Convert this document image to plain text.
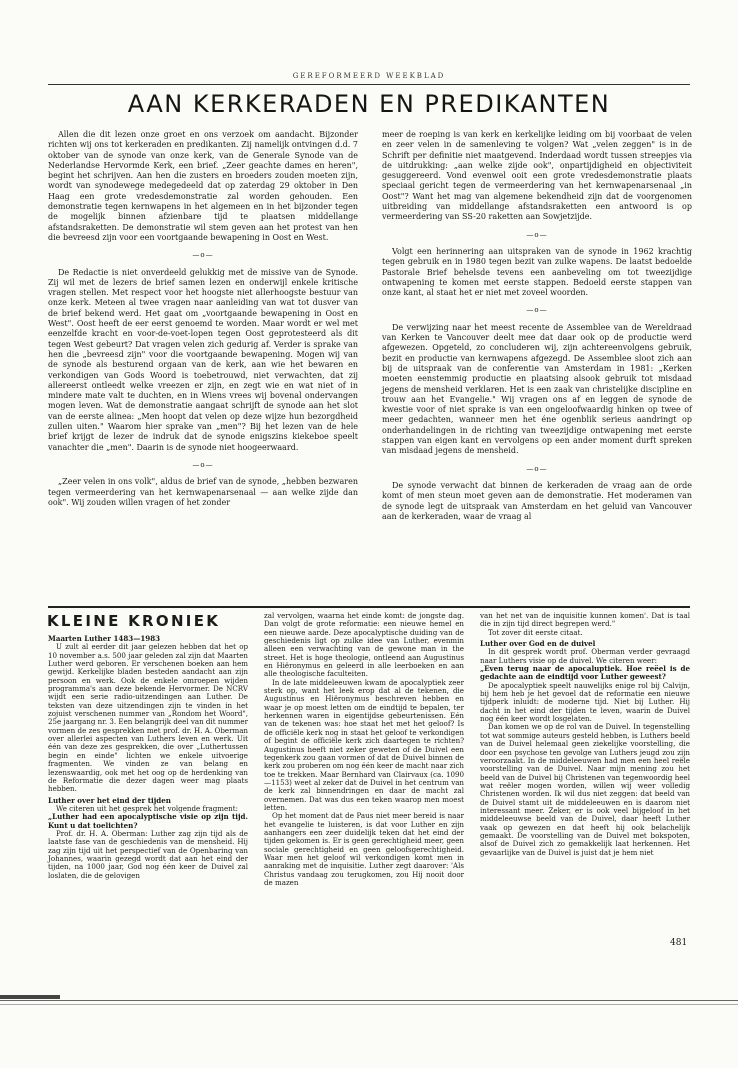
GEREFORMEERD WEEKBLAD
AAN KERKERADEN EN PREDIKANTEN

Allen die dit lezen onze groet en ons verzoek om aandacht. Bijzonder richten wij ons tot kerkeraden en predikanten. Zij namelijk ontvingen d.d. 7 oktober van de synode van onze kerk, van de Generale Synode van de Nederlandse Hervormde Kerk, een brief. „Zeer geachte dames en heren", begint het schrijven. Aan hen die zusters en broeders zouden moeten zijn, wordt van synodewege medegedeeld dat op zaterdag 29 oktober in Den Haag een grote vredesdemonstratie zal worden gehouden. Een demonstratie tegen kernwapens in het algemeen en in het bijzonder tegen de mogelijk binnen afzienbare tijd te plaatsen middellange afstandsraketten. De demonstratie wil stem geven aan het protest van hen die bevreesd zijn voor een voortgaande bewapening in Oost en West.

—o—

De Redactie is niet onverdeeld gelukkig met de missive van de Synode. Zij wil met de lezers de brief samen lezen en onderwijl enkele kritische vragen stellen. Met respect voor het hoogste niet allerhoogste bestuur van onze kerk. Meteen al twee vragen naar aanleiding van wat tot dusver van de brief bekend werd. Het gaat om „voortgaande bewapening in Oost en West". Oost heeft de eer eerst genoemd te worden. Maar wordt er wel met eenzelfde kracht en voor-de-voet-lopen tegen Oost geprotesteerd als dit tegen West gebeurt? Dat vragen velen zich gedurig af. Verder is sprake van hen die „bevreesd zijn" voor die voortgaande bewapening. Mogen wij van de synode als besturend orgaan van de kerk, aan wie het bewaren en verkondigen van Gods Woord is toebetrouwd, niet verwachten, dat zij allereerst ontleedt welke vreezen er zijn, en zegt wie en wat niet of in mindere mate valt te duchten, en in Wiens vrees wij bovenal ondervangen mogen leven. Wat de demonstratie aangaat schrijft de synode aan het slot van de eerste alinea: „Men hoopt dat velen op deze wijze hun bezorgdheid zullen uiten." Waarom hier sprake van „men"? Bij het lezen van de hele brief krijgt de lezer de indruk dat de synode enigszins kiekeboe speelt vanachter die „men". Daarin is de synode niet hoogeerwaard.

—o—

„Zeer velen in ons volk", aldus de brief van de synode, „hebben bezwaren tegen vermeerdering van het kernwapenarsenaal — aan welke zijde dan ook". Wij zouden willen vragen of het zonder

meer de roeping is van kerk en kerkelijke leiding om bij voorbaat de velen en zeer velen in de samenleving te volgen? Wat „velen zeggen" is in de Schrift per definitie niet maatgevend. Inderdaad wordt tussen streepjes via de uitdrukking: „aan welke zijde ook", onpartijdigheid en objectiviteit gesuggereerd. Vond evenwel ooit een grote vredesdemonstratie plaats speciaal gericht tegen de vermeerdering van het kernwapenarsenaal „in Oost"? Want het mag van algemene bekendheid zijn dat de voorgenomen uitbreiding van middellange afstandsraketten een antwoord is op vermeerdering van SS-20 raketten aan Sowjetzijde.

—o—

Volgt een herinnering aan uitspraken van de synode in 1962 krachtig tegen gebruik en in 1980 tegen bezit van zulke wapens. De laatst bedoelde Pastorale Brief behelsde tevens een aanbeveling om tot tweezijdige ontwapening te komen met eerste stappen. Bedoeld eerste stappen van onze kant, al staat het er niet met zoveel woorden.

—o—

De verwijzing naar het meest recente de Assemblee van de Wereldraad van Kerken te Vancouver deelt mee dat daar ook op de productie werd afgewezen. Opgeteld, zo concluderen wij, zijn achtereenvolgens gebruik, bezit en productie van kernwapens afgezegd. De Assemblee sloot zich aan bij de uitspraak van de conferentie van Amsterdam in 1981: „Kerken moeten eenstemmig productie en plaatsing alsook gebruik tot misdaad jegens de mensheid verklaren. Het is een zaak van christelijke discipline en trouw aan het Evangelie." Wij vragen ons af en leggen de synode de kwestie voor of niet sprake is van een ongeloofwaardig hinken op twee of meer gedachten, wanneer men het éne ogenblik serieus aandringt op onderhandelingen in de richting van tweezijdige ontwapening met eerste stappen van eigen kant en vervolgens op een ander moment durft spreken van misdaad jegens de mensheid.

—o—

De synode verwacht dat binnen de kerkeraden de vraag aan de orde komt of men steun moet geven aan de demonstratie. Het moderamen van de synode legt de uitspraak van Amsterdam en het geluid van Vancouver aan de kerkeraden, waar de vraag al

KLEINE KRONIEK

Maarten Luther 1483—1983

U zult al eerder dit jaar gelezen hebben dat het op 10 november a.s. 500 jaar geleden zal zijn dat Maarten Luther werd geboren. Er verschenen boeken aan hem gewijd. Kerkelijke bladen besteden aandacht aan zijn persoon en werk. Ook de enkele omroepen wijden programma's aan deze bekende Hervormer. De NCRV wijdt een serie radio-uitzendingen aan Luther. De teksten van deze uitzendingen zijn te vinden in het zojuist verschenen nummer van „Rondom het Woord", 25e jaargang nr. 3. Een belangrijk deel van dit nummer vormen de zes gesprekken met prof. dr. H. A. Oberman over allerlei aspecten van Luthers leven en werk. Uit één van deze zes gesprekken, die over „Luthertussen begin en einde" lichten we enkele uitvoerige fragmenten. We vinden ze van belang en lezenswaardig, ook met het oog op de herdenking van de Reformatie die dezer dagen weer mag plaats hebben.

Luther over het eind der tijden

We citeren uit het gesprek het volgende fragment:

„Luther had een apocalyptische visie op zijn tijd. Kunt u dat toelichten?

Prof. dr. H. A. Oberman: Luther zag zijn tijd als de laatste fase van de geschiedenis van de mensheid. Hij zag zijn tijd uit het perspectief van de Openbaring van Johannes, waarin gezegd wordt dat aan het eind der tijden, na 1000 jaar, God nog één keer de Duivel zal loslaten, die de gelovigen

zal vervolgen, waarna het einde komt: de jongste dag. Dan volgt de grote reformatie: een nieuwe hemel en een nieuwe aarde. Deze apocalyptische duiding van de geschiedenis ligt op zulke idee van Luther, evenmin alleen een verwachting van de gewone man in the street. Het is hoge theologie, ontleend aan Augustinus en Hiëronymus en geleerd in alle leerboeken en aan alle theologische faculteiten.

In de late middeleeuwen kwam de apocalyptiek zeer sterk op, want het leek erop dat al de tekenen, die Augustinus en Hiëronymus beschreven hebben en waar je op moest letten om de eindtijd te bepalen, ter herkennen waren in eigentijdse gebeurtenissen. Eén van de tekenen was: hoe staat het met het geloof? Is de officiële kerk nog in staat het geloof te verkondigen of begint de officiële kerk zich daartegen te richten? Augustinus heeft niet zeker geweten of de Duivel een tegenkerk zou gaan vormen of dat de Duivel binnen de kerk zou proberen om nog één keer de macht naar zich toe te trekken. Maar Bernhard van Clairvaux (ca. 1090—1153) weet al zeker dat de Duivel in het centrum van de kerk zal binnendringen en daar de macht zal overnemen. Dat was dus een teken waarop men moest letten.

Op het moment dat de Paus niet meer bereid is naar het evangelie te luisteren, is dat voor Luther en zijn aanhangers een zeer duidelijk teken dat het eind der tijden gekomen is. Er is geen gerechtigheid meer, geen sociale gerechtigheid en geen geloofsgerechtigheid. Waar men het geloof wil verkondigen komt men in aanraking met de inquisitie. Luther zegt daarover: 'Als Christus vandaag zou terugkomen, zou Hij nooit door de mazen

van het net van de inquisitie kunnen komen'. Dat is taal die in zijn tijd direct begrepen werd."

Tot zover dit eerste citaat.

Luther over God en de duivel

In dit gesprek wordt prof. Oberman verder gevraagd naar Luthers visie op de duivel. We citeren weer:

„Even terug naar de apocaluptiek. Hoe reëel is de gedachte aan de eindtijd voor Luther geweest?

De apocalyptiek speelt nauwelijks enige rol bij Calvijn, bij hem heb je het gevoel dat de reformatie een nieuwe tijdperk inluidt: de moderne tijd. Niet bij Luther. Hij dacht in het eind der tijden te leven, waarin de Duivel nog één keer wordt losgelaten.

Dan komen we op de rol van de Duivel. In tegenstelling tot wat sommige auteurs gesteld hebben, is Luthers beeld van de Duivel helemaal geen ziekelijke voorstelling, die door een psychose ten gevolge van Luthers jeugd zou zijn veroorzaakt. In de middeleeuwen had men een heel reële voorstelling van de Duivel. Naar mijn mening zou het beeld van de Duivel bij Christenen van tegenwoordig heel wat reëler mogen worden, willen wij weer volledig Christenen worden. Ik wil dus niet zeggen: dat beeld van de Duivel stamt uit de middeleeuwen en is daarom niet interessant meer. Zeker, er is ook veel bijgeloof in het middeleeuwse beeld van de Duivel, daar heeft Luther vaak op gewezen en dat heeft hij ook belachelijk gemaakt. De voorstelling van de Duivel met bokspoten, alsof de Duivel zich zo gemakkelijk laat herkennen. Het gevaarlijke van de Duivel is juist dat je hem niet

481
